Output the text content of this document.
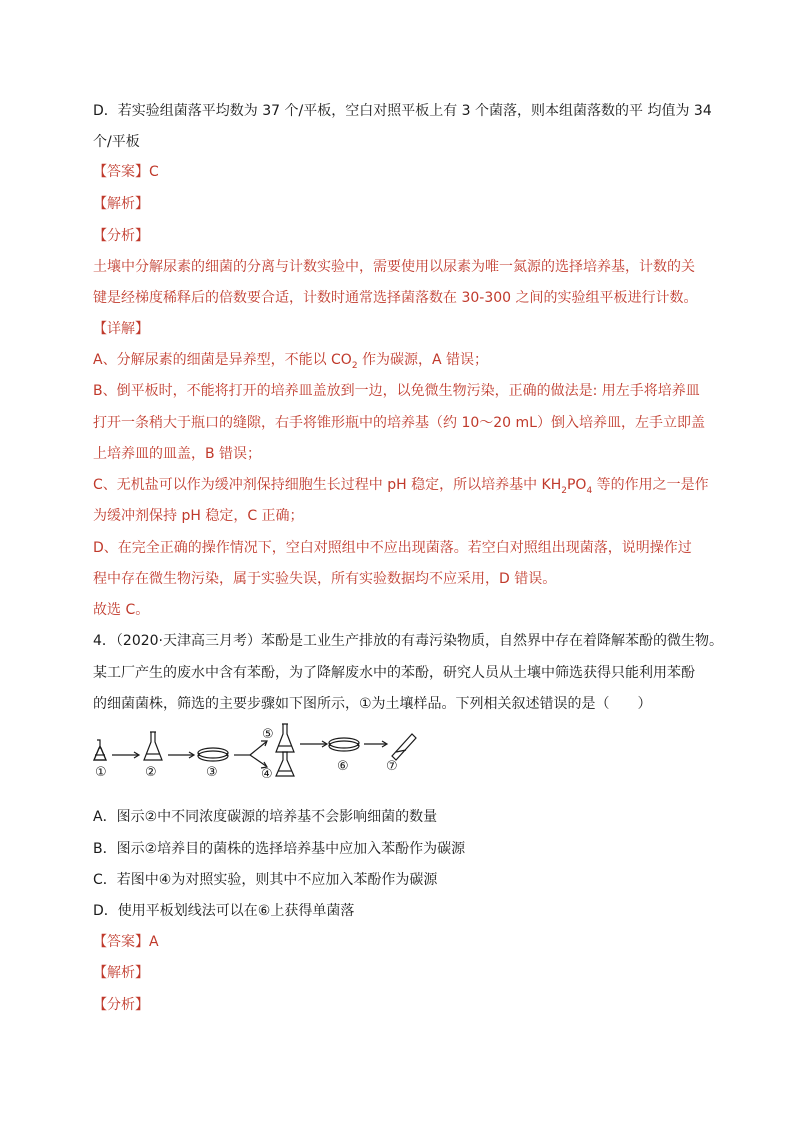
D．若实验组菌落平均数为 37 个/平板，空白对照平板上有 3 个菌落，则本组菌落数的平 均值为 34
个/平板
【答案】C
【解析】
【分析】
土壤中分解尿素的细菌的分离与计数实验中，需要使用以尿素为唯一氮源的选择培养基，计数的关
键是经梯度稀释后的倍数要合适，计数时通常选择菌落数在 30-300 之间的实验组平板进行计数。
【详解】
A、分解尿素的细菌是异养型，不能以 $CO_2$ 作为碳源，A 错误；
B、倒平板时，不能将打开的培养皿盖放到一边，以免微生物污染，正确的做法是: 用左手将培养皿
打开一条稍大于瓶口的缝隙，右手将锥形瓶中的培养基（约 10～20 mL）倒入培养皿，左手立即盖
上培养皿的皿盖，B 错误；
C、无机盐可以作为缓冲剂保持细胞生长过程中 pH 稳定，所以培养基中 $KH_2PO_4$ 等的作用之一是作
为缓冲剂保持 pH 稳定，C 正确；
D、在完全正确的操作情况下，空白对照组中不应出现菌落。若空白对照组出现菌落，说明操作过
程中存在微生物污染，属于实验失误，所有实验数据均不应采用，D 错误。
故选 C。
4．（2020·天津高三月考）苯酚是工业生产排放的有毒污染物质，自然界中存在着降解苯酚的微生物。
某工厂产生的废水中含有苯酚，为了降解废水中的苯酚，研究人员从土壤中筛选获得只能利用苯酚
的细菌菌株，筛选的主要步骤如下图所示，①为土壤样品。下列相关叙述错误的是（　　）
①	②	③	④
⑤
⑥	⑦
A．图示②中不同浓度碳源的培养基不会影响细菌的数量
B．图示②培养目的菌株的选择培养基中应加入苯酚作为碳源
C．若图中④为对照实验，则其中不应加入苯酚作为碳源
D．使用平板划线法可以在⑥上获得单菌落
【答案】A
【解析】
【分析】
